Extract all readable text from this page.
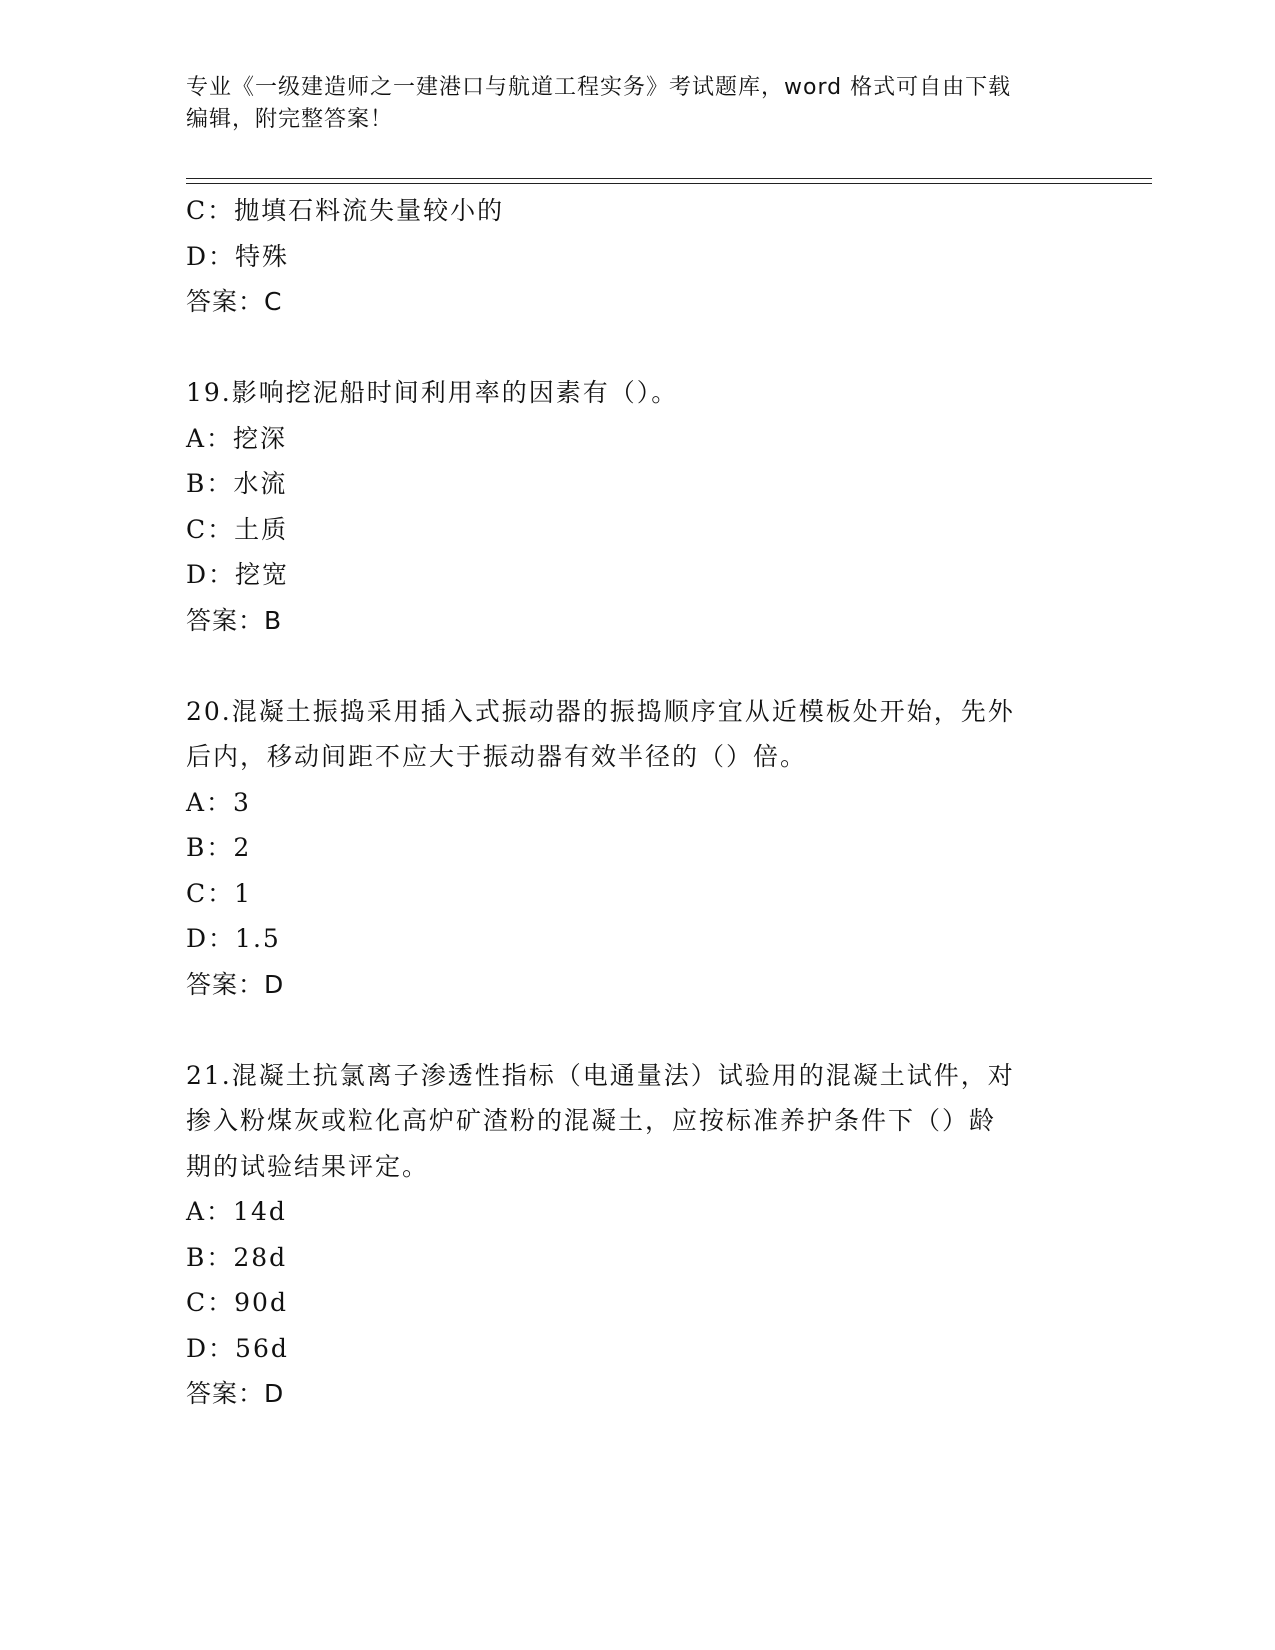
专业《一级建造师之一建港口与航道工程实务》考试题库，word 格式可自由下载
编辑，附完整答案！
C：抛填石料流失量较小的
D：特殊
答案：C
19.影响挖泥船时间利用率的因素有（）。
A：挖深
B：水流
C：土质
D：挖宽
答案：B
20.混凝土振捣采用插入式振动器的振捣顺序宜从近模板处开始，先外
后内，移动间距不应大于振动器有效半径的（）倍。
A：3
B：2
C：1
D：1.5
答案：D
21.混凝土抗氯离子渗透性指标（电通量法）试验用的混凝土试件，对
掺入粉煤灰或粒化高炉矿渣粉的混凝土，应按标准养护条件下（）龄
期的试验结果评定。
A：14d
B：28d
C：90d
D：56d
答案：D
